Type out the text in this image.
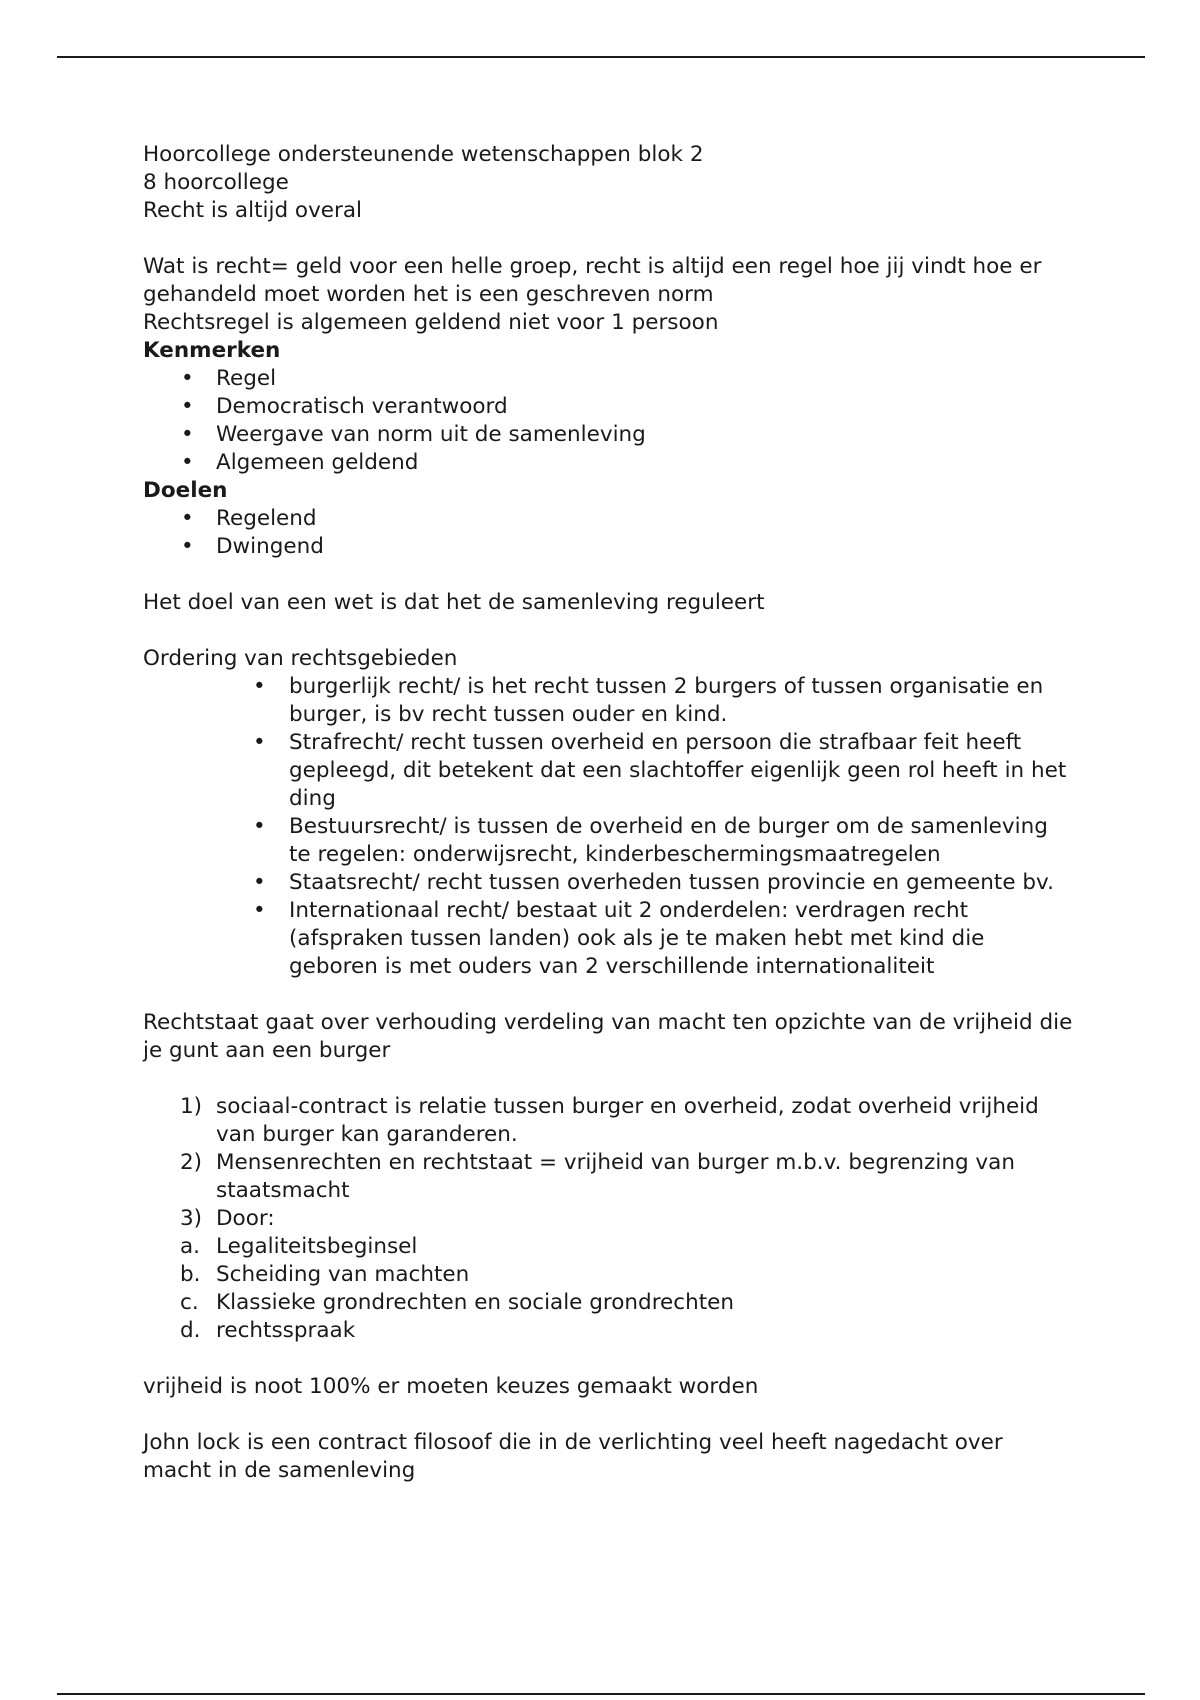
Hoorcollege ondersteunende wetenschappen blok 2

8 hoorcollege

Recht is altijd overal

Wat is recht= geld voor een helle groep, recht is altijd een regel hoe jij vindt hoe er gehandeld moet worden het is een geschreven norm

Rechtsregel is algemeen geldend niet voor 1 persoon

Kenmerken

• Regel
• Democratisch verantwoord
• Weergave van norm uit de samenleving
• Algemeen geldend

Doelen

• Regelend
• Dwingend

Het doel van een wet is dat het de samenleving reguleert

Ordering van rechtsgebieden

• burgerlijk recht/ is het recht tussen 2 burgers of tussen organisatie en burger, is bv recht tussen ouder en kind.
• Strafrecht/ recht tussen overheid en persoon die strafbaar feit heeft gepleegd, dit betekent dat een slachtoffer eigenlijk geen rol heeft in het ding
• Bestuursrecht/ is tussen de overheid en de burger om de samenleving te regelen: onderwijsrecht, kinderbeschermingsmaatregelen
• Staatsrecht/ recht tussen overheden tussen provincie en gemeente bv.
• Internationaal recht/ bestaat uit 2 onderdelen: verdragen recht (afspraken tussen landen) ook als je te maken hebt met kind die geboren is met ouders van 2 verschillende internationaliteit

Rechtstaat gaat over verhouding verdeling van macht ten opzichte van de vrijheid die je gunt aan een burger

1) sociaal-contract is relatie tussen burger en overheid, zodat overheid vrijheid van burger kan garanderen.
2) Mensenrechten en rechtstaat = vrijheid van burger m.b.v. begrenzing van staatsmacht
3) Door:
a. Legaliteitsbeginsel
b. Scheiding van machten
c. Klassieke grondrechten en sociale grondrechten
d. rechtsspraak

vrijheid is noot 100% er moeten keuzes gemaakt worden

John lock is een contract filosoof die in de verlichting veel heeft nagedacht over macht in de samenleving
